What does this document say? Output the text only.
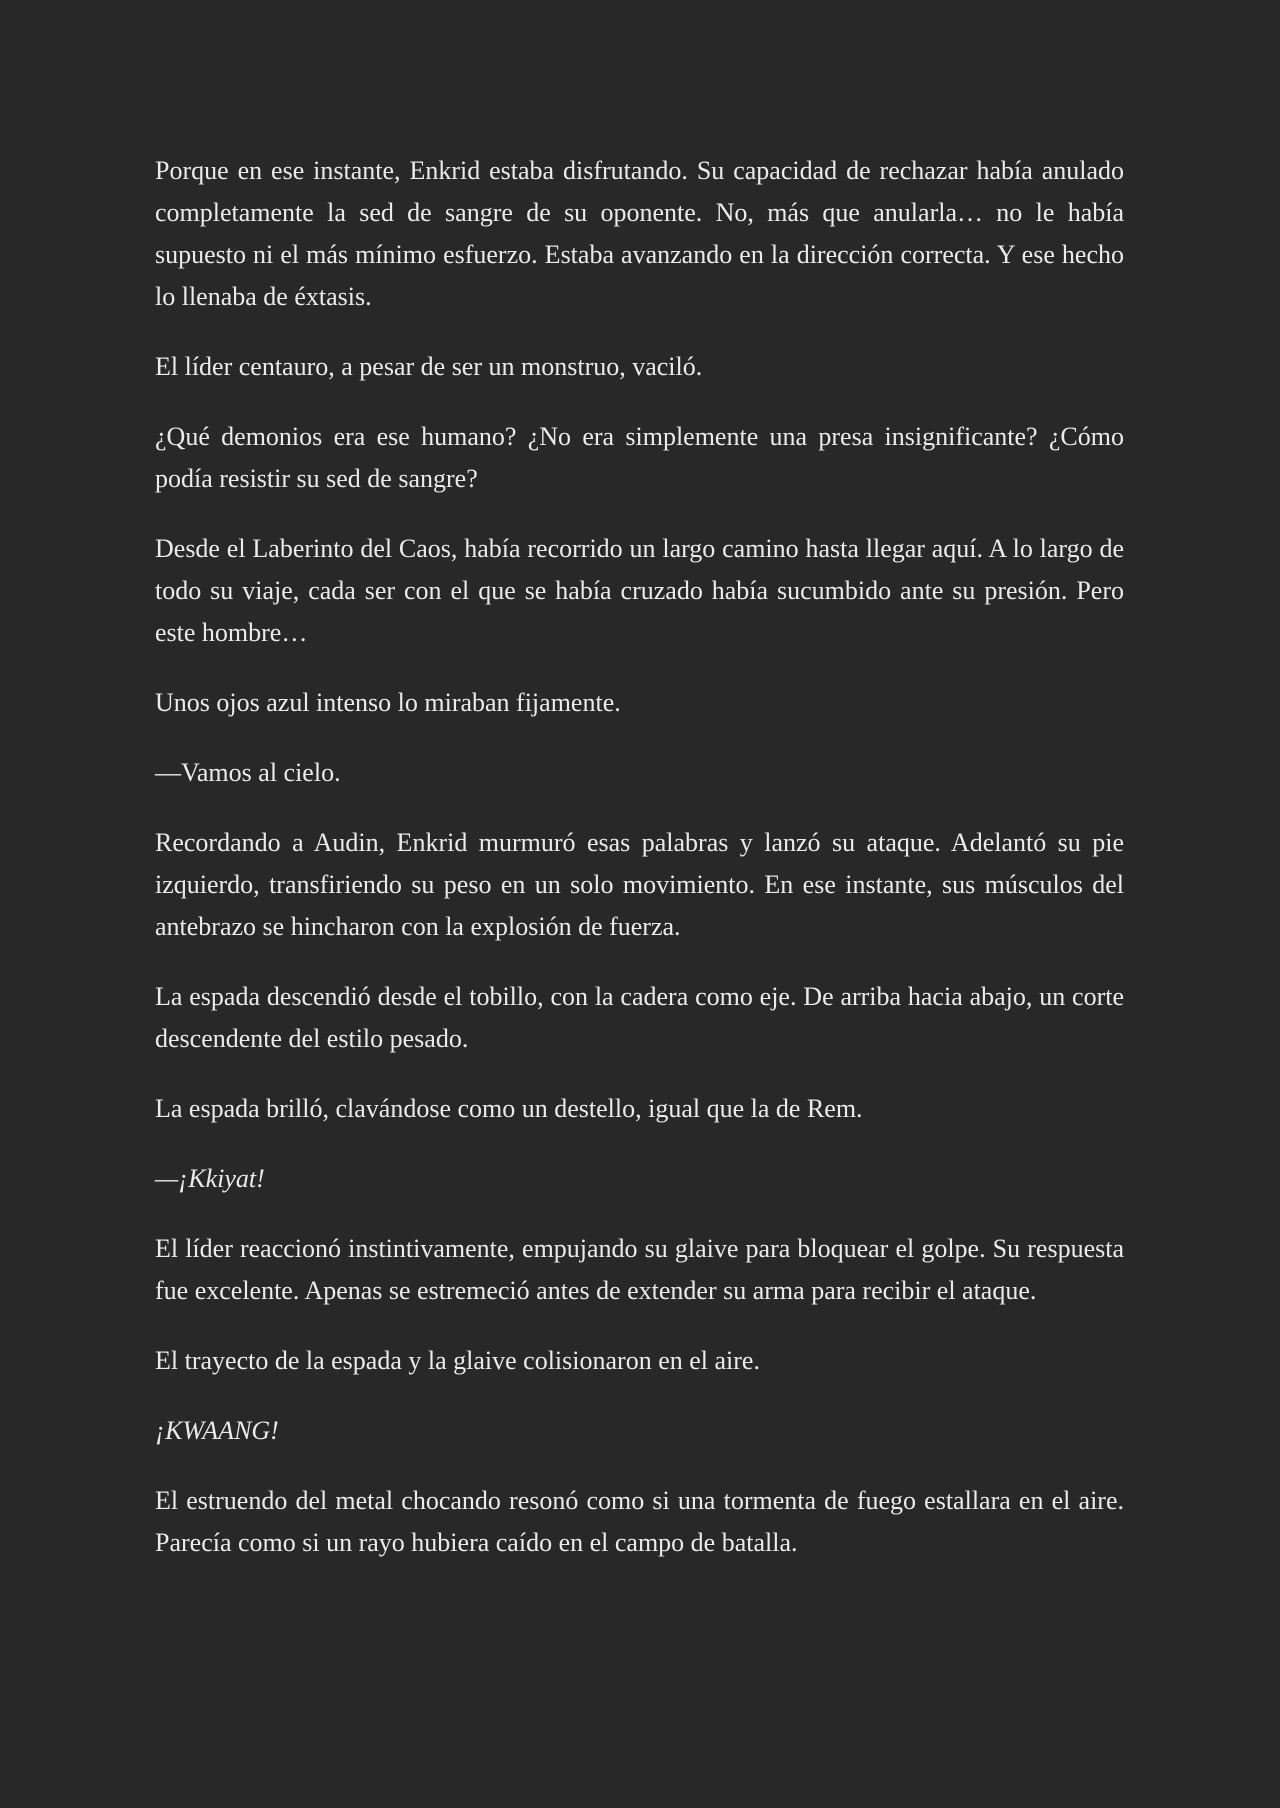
Porque en ese instante, Enkrid estaba disfrutando. Su capacidad de rechazar había anulado completamente la sed de sangre de su oponente. No, más que anularla… no le había supuesto ni el más mínimo esfuerzo. Estaba avanzando en la dirección correcta. Y ese hecho lo llenaba de éxtasis.

El líder centauro, a pesar de ser un monstruo, vaciló.

¿Qué demonios era ese humano? ¿No era simplemente una presa insignificante? ¿Cómo podía resistir su sed de sangre?

Desde el Laberinto del Caos, había recorrido un largo camino hasta llegar aquí. A lo largo de todo su viaje, cada ser con el que se había cruzado había sucumbido ante su presión. Pero este hombre…

Unos ojos azul intenso lo miraban fijamente.

—Vamos al cielo.

Recordando a Audin, Enkrid murmuró esas palabras y lanzó su ataque. Adelantó su pie izquierdo, transfiriendo su peso en un solo movimiento. En ese instante, sus músculos del antebrazo se hincharon con la explosión de fuerza.

La espada descendió desde el tobillo, con la cadera como eje. De arriba hacia abajo, un corte descendente del estilo pesado.

La espada brilló, clavándose como un destello, igual que la de Rem.

—¡Kkiyat!

El líder reaccionó instintivamente, empujando su glaive para bloquear el golpe. Su respuesta fue excelente. Apenas se estremeció antes de extender su arma para recibir el ataque.

El trayecto de la espada y la glaive colisionaron en el aire.

¡KWAANG!

El estruendo del metal chocando resonó como si una tormenta de fuego estallara en el aire. Parecía como si un rayo hubiera caído en el campo de batalla.
